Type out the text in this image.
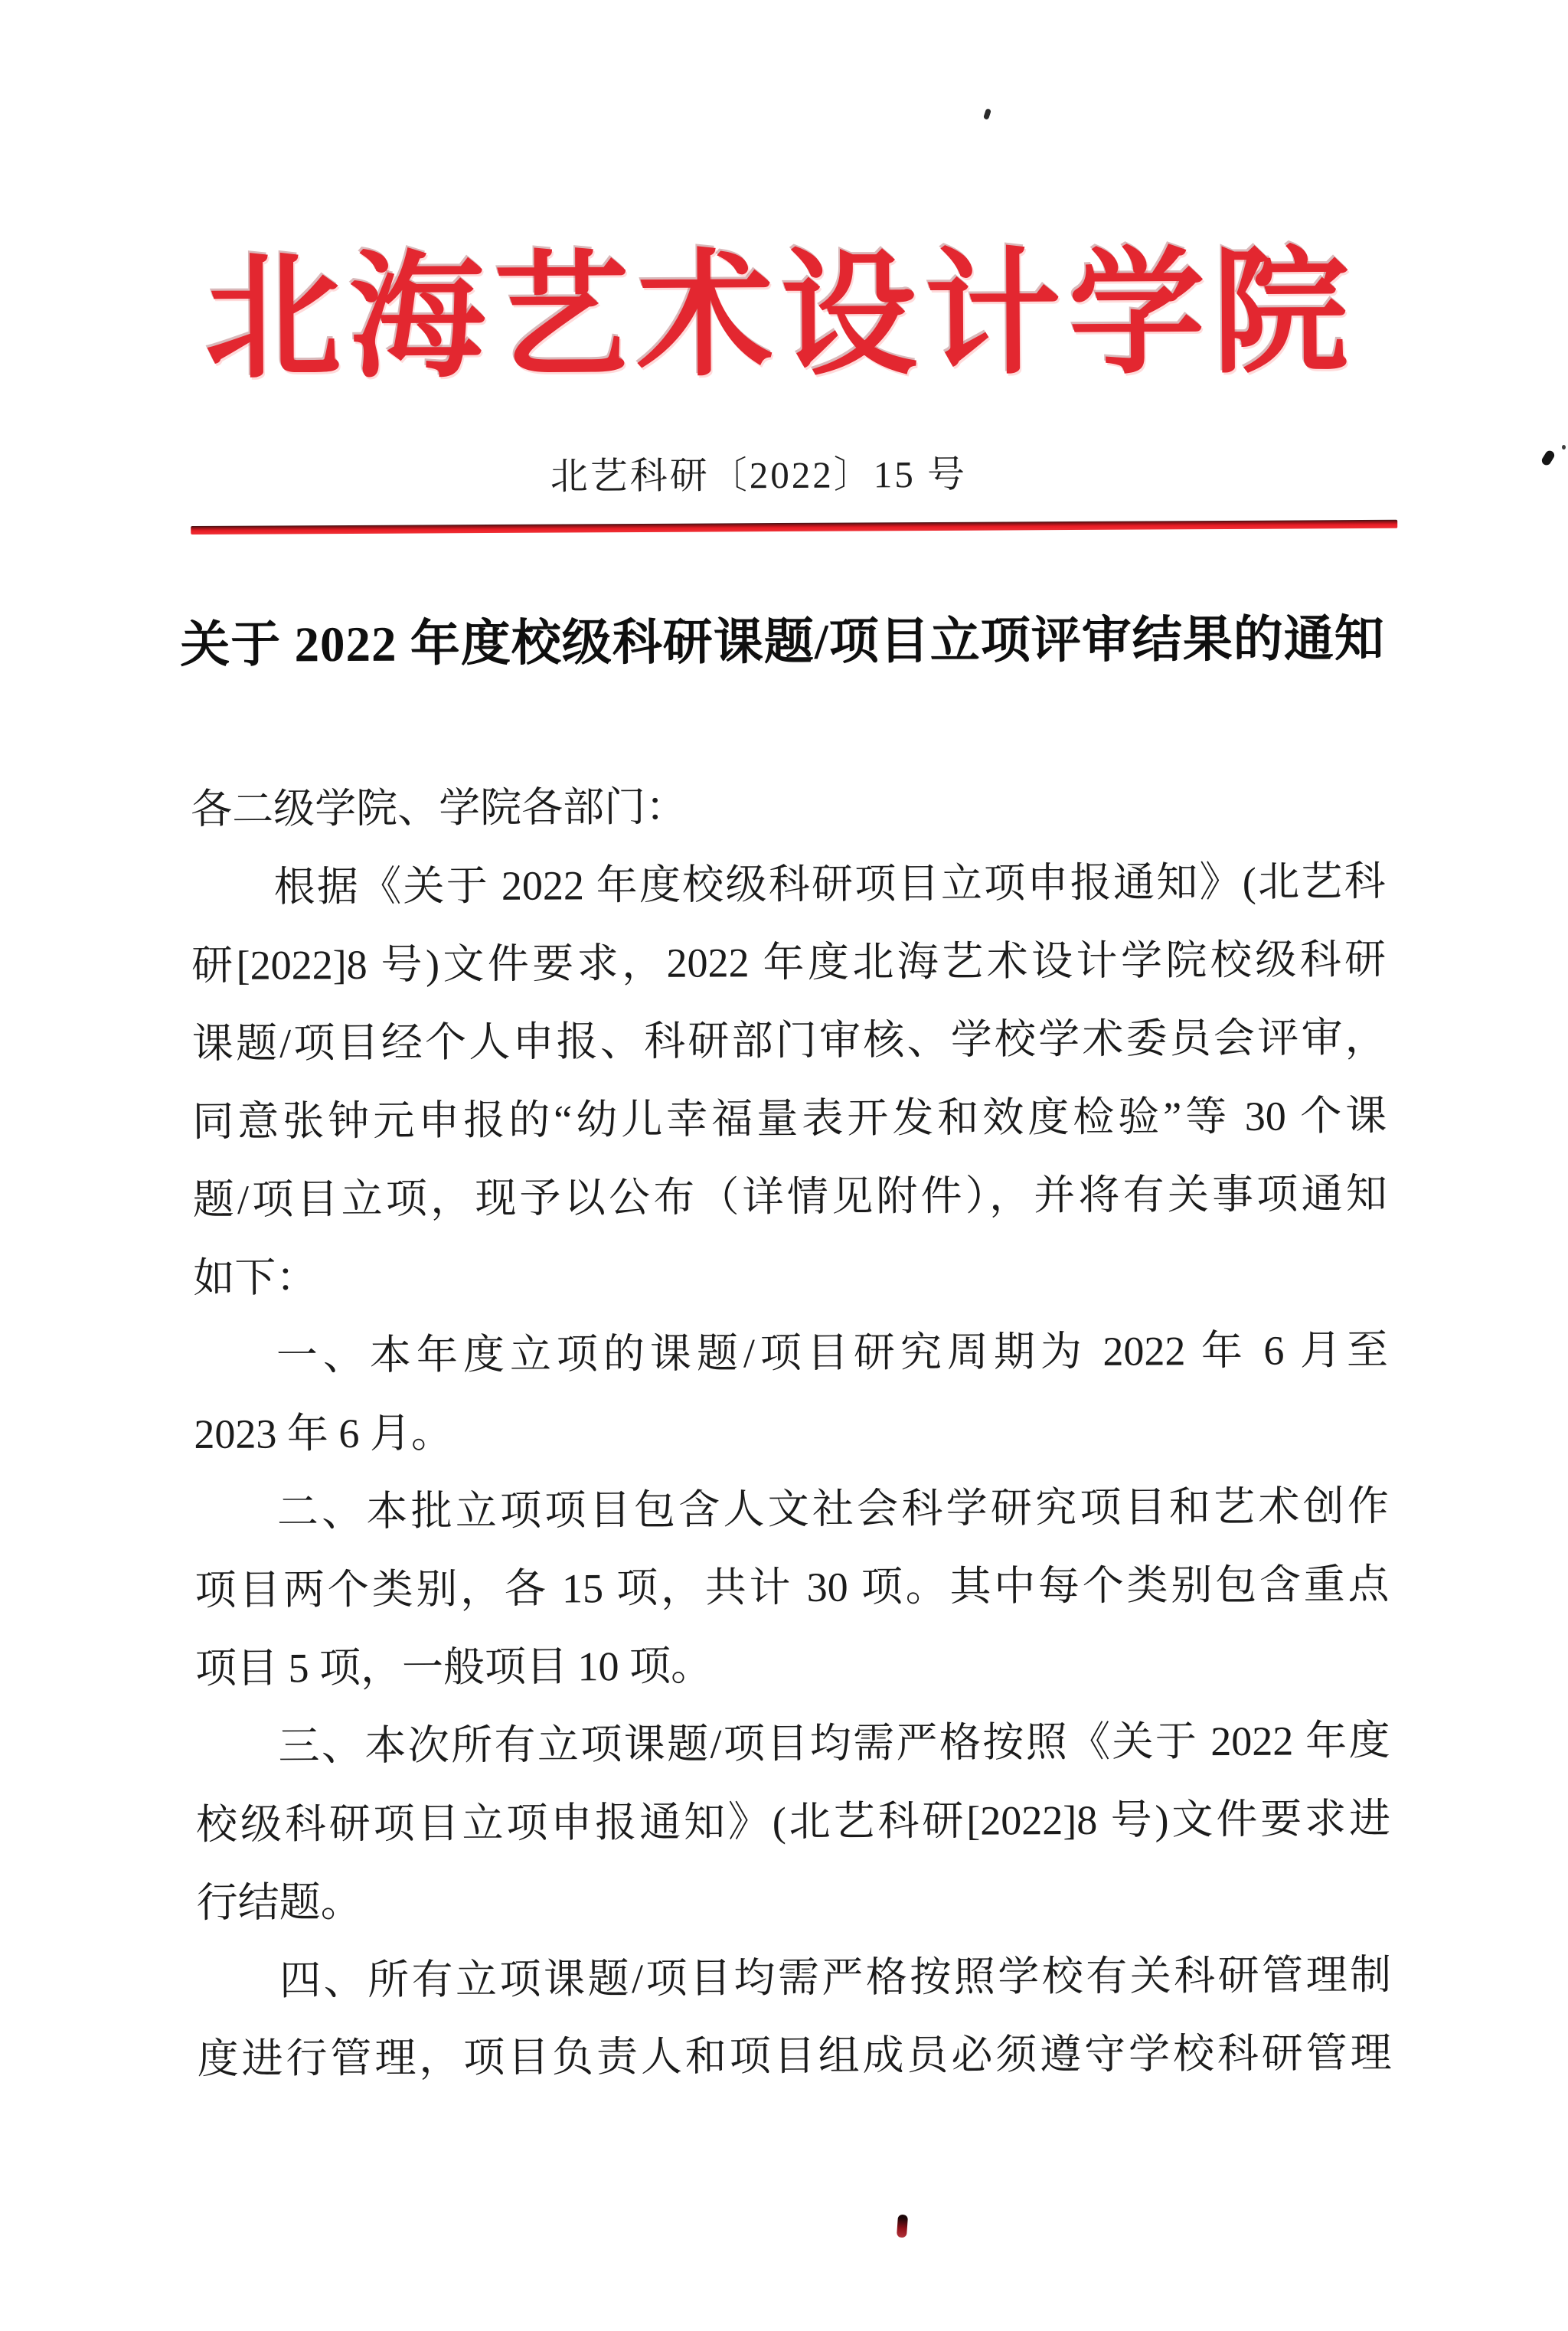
北海艺术设计学院
北艺科研〔2022〕15 号
关于 2022 年度校级科研课题/项目立项评审结果的通知
各二级学院、学院各部门：
根据《关于 2022 年度校级科研项目立项申报通知》(北艺科
研[2022]8 号)文件要求，2022 年度北海艺术设计学院校级科研
课题/项目经个人申报、科研部门审核、学校学术委员会评审，
同意张钟元申报的“幼儿幸福量表开发和效度检验”等 30 个课
题/项目立项，现予以公布（详情见附件），并将有关事项通知
如下：
一、本年度立项的课题/项目研究周期为 2022 年 6 月至
2023 年 6 月。
二、本批立项项目包含人文社会科学研究项目和艺术创作
项目两个类别，各 15 项，共计 30 项。其中每个类别包含重点
项目 5 项，一般项目 10 项。
三、本次所有立项课题/项目均需严格按照《关于 2022 年度
校级科研项目立项申报通知》(北艺科研[2022]8 号)文件要求进
行结题。
四、所有立项课题/项目均需严格按照学校有关科研管理制
度进行管理，项目负责人和项目组成员必须遵守学校科研管理
